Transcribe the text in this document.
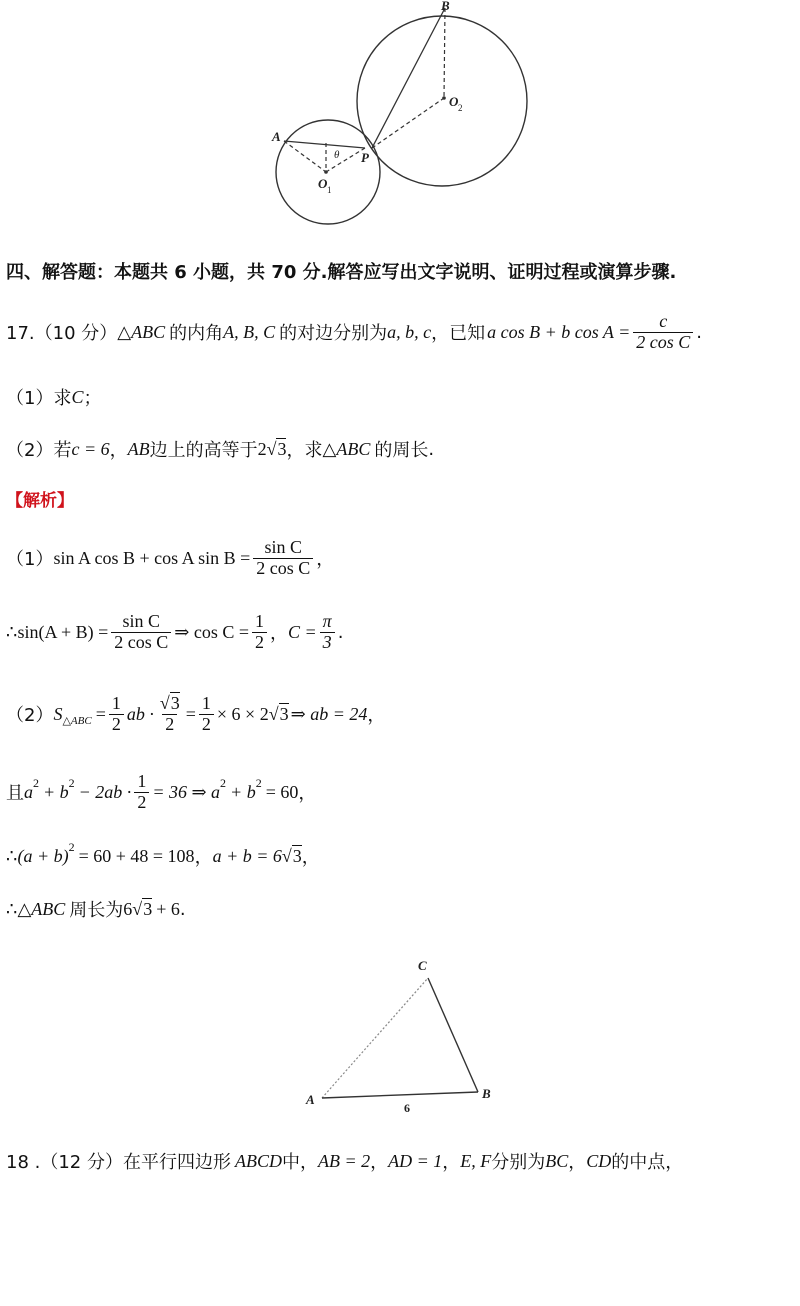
B
O 2
A
O 1
P
θ
四、解答题：本题共 6 小题，共 70 分.解答应写出文字说明、证明过程或演算步骤.
17.（10 分） △ ABC 的内角 A, B, C 的对边分别为 a, b, c ，已知 a cos B + b $\cos A = \frac{c}{\text{2 cos C}}$ .
（1）求 C ；
（2）若 c = 6 ， AB 边上的高等于 2 √ 3 ，求 △ ABC 的周长 .
【解析】
（1） sin A cos B + cos A $\sin B = \frac{\text{sin C}}{\text{2 cos C}}$ ，
∴ $\sin(A + B) = \frac{\text{sin C}}{\text{2 cos C}}$ ⇒ $\cos C = \frac{1}{2}$ ， $C = \frac{\pi}{3}$ .
（2） S △ABC = $\frac{1}{2}$ ab · $\frac{√3}{2} = \frac{1}{2} \times 6 \times 2$ √ 3 ⇒ ab = 24 ，
且 a 2 + b $2 - 2ab \cdot \frac{1}{2} = 36$ ⇒ a 2 + b 2 = 60 ，
∴ (a + b) 2 = 60 + 48 = 108 ， a + b = 6 √ 3 ，
∴ △ ABC 周长为 6 √ 3 + 6 .
C
A	B
6
18 .（12 分）在平行四边形 ABCD 中， AB = 2 ， AD = 1 ， E, F 分别为 BC ， CD 的中点，
